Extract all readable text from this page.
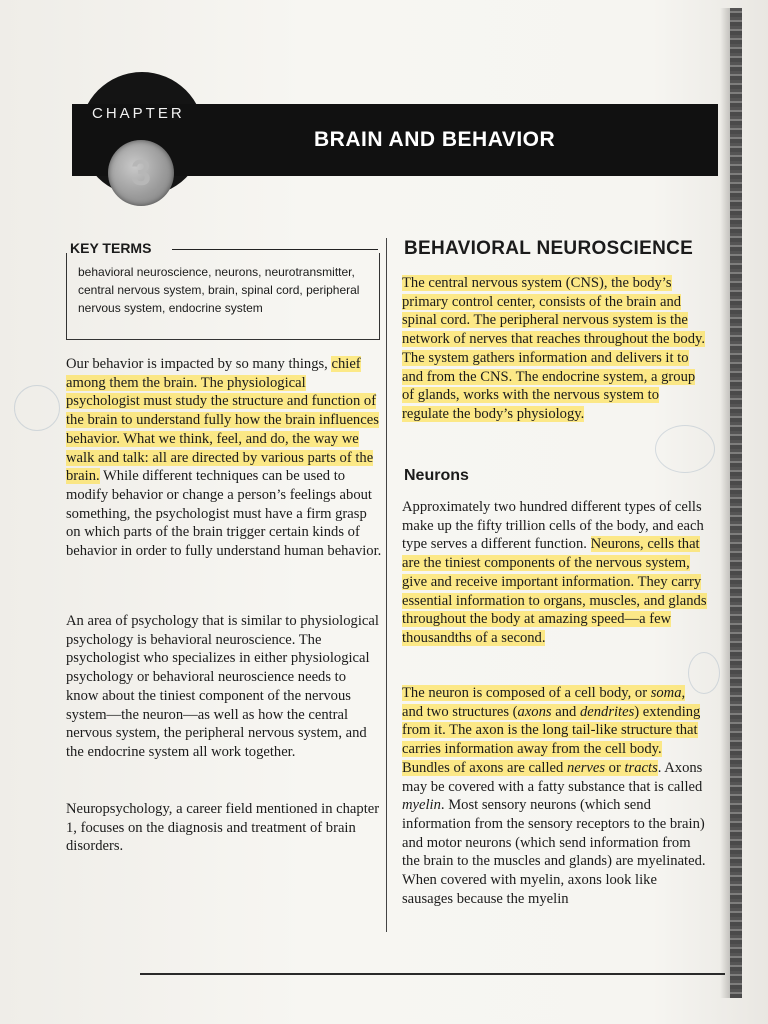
3
CHAPTER
BRAIN AND BEHAVIOR
KEY TERMS
behavioral neuroscience, neurons, neurotransmitter, central nervous system, brain, spinal cord, peripheral nervous system, endocrine system

Our behavior is impacted by so many things, chief among them the brain. The physiological psychologist must study the structure and function of the brain to understand fully how the brain influences behavior. What we think, feel, and do, the way we walk and talk: all are directed by various parts of the brain. While different techniques can be used to modify behavior or change a person’s feelings about something, the psychologist must have a firm grasp on which parts of the brain trigger certain kinds of behavior in order to fully understand human behavior.

An area of psychology that is similar to physiological psychology is behavioral neuroscience. The psychologist who specializes in either physiological psychology or behavioral neuroscience needs to know about the tiniest component of the nervous system—the neuron—as well as how the central nervous system, the peripheral nervous system, and the endocrine system all work together.
Neuropsychology, a career field mentioned in chapter 1, focuses on the diagnosis and treatment of brain disorders.
BEHAVIORAL NEUROSCIENCE

The central nervous system (CNS), the body’s primary control center, consists of the brain and spinal cord. The peripheral nervous system is the network of nerves that reaches throughout the body. The system gathers information and delivers it to and from the CNS. The endocrine system, a group of glands, works with the nervous system to regulate the body’s physiology.

Neurons

Approximately two hundred different types of cells make up the fifty trillion cells of the body, and each type serves a different function. Neurons, cells that are the tiniest components of the nervous system, give and receive important information. They carry essential information to organs, muscles, and glands throughout the body at amazing speed—a few thousandths of a second.

The neuron is composed of a cell body, or soma, and two structures (axons and dendrites) extending from it. The axon is the long tail-like structure that carries information away from the cell body. Bundles of axons are called nerves or tracts. Axons may be covered with a fatty substance that is called myelin. Most sensory neurons (which send information from the sensory receptors to the brain) and motor neurons (which send information from the brain to the muscles and glands) are myelinated. When covered with myelin, axons look like sausages because the myelin
